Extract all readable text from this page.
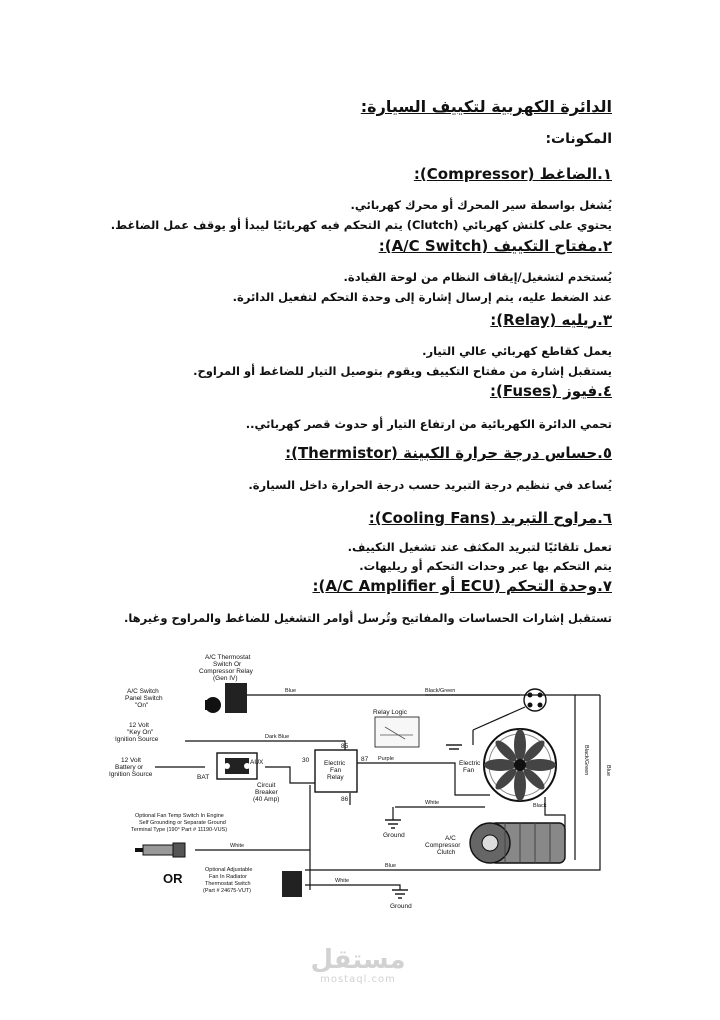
الدائرة الكهربية لتكييف السيارة:
المكونات:
١.الضاغط (Compressor):
يُشغل بواسطة سير المحرك أو محرك كهربائي.
يحتوي على كلتش كهربائي (Clutch) يتم التحكم فيه كهربائيًا ليبدأ أو يوقف عمل الضاغط.
٢.مفتاح التكييف (A/C Switch):
يُستخدم لتشغيل/إيقاف النظام من لوحة القيادة.
عند الضغط عليه، يتم إرسال إشارة إلى وحدة التحكم لتفعيل الدائرة.
٣.ريليه (Relay):
يعمل كقاطع كهربائي عالي التيار.
يستقبل إشارة من مفتاح التكييف ويقوم بتوصيل التيار للضاغط أو المراوح.
٤.فيوز (Fuses):
تحمي الدائرة الكهربائية من ارتفاع التيار أو حدوث قصر كهربائي..
٥.حساس درجة حرارة الكبينة (Thermistor):
يُساعد في تنظيم درجة التبريد حسب درجة الحرارة داخل السيارة.
٦.مراوح التبريد (Cooling Fans):
تعمل تلقائيًا لتبريد المكثف عند تشغيل التكييف.
يتم التحكم بها عبر وحدات التحكم أو ريليهات.
٧.وحدة التحكم (ECU أو A/C Amplifier):
تستقبل إشارات الحساسات والمفاتيح وتُرسل أوامر التشغيل للضاغط والمراوح وغيرها.
A/C Thermostat
Switch Or
Compressor Relay
(Gen IV)
A/C Switch
Panel Switch
"On"
12 Volt
"Key On"
Ignition Source
12 Volt
Battery or
Ignition Source
AUX
BAT
Circuit
Breaker
(40 Amp)
Electric
Fan
Relay
Relay Logic
85
30	87
86
Electric
Fan
A/C
Compressor
Clutch
Ground
Ground
Optional Fan Temp Switch In Engine
Self Grounding or Separate Ground
Terminal Type (190° Part # 11190-VUS)
Optional Adjustable
Fan In Radiator
Thermostat Switch
(Part # 24675-VUT)
OR
Blue	Black/Green
Dark Blue
Purple
White	Black
White
Blue
White
Black/Green	Blue
مستقل
mostaql.com
